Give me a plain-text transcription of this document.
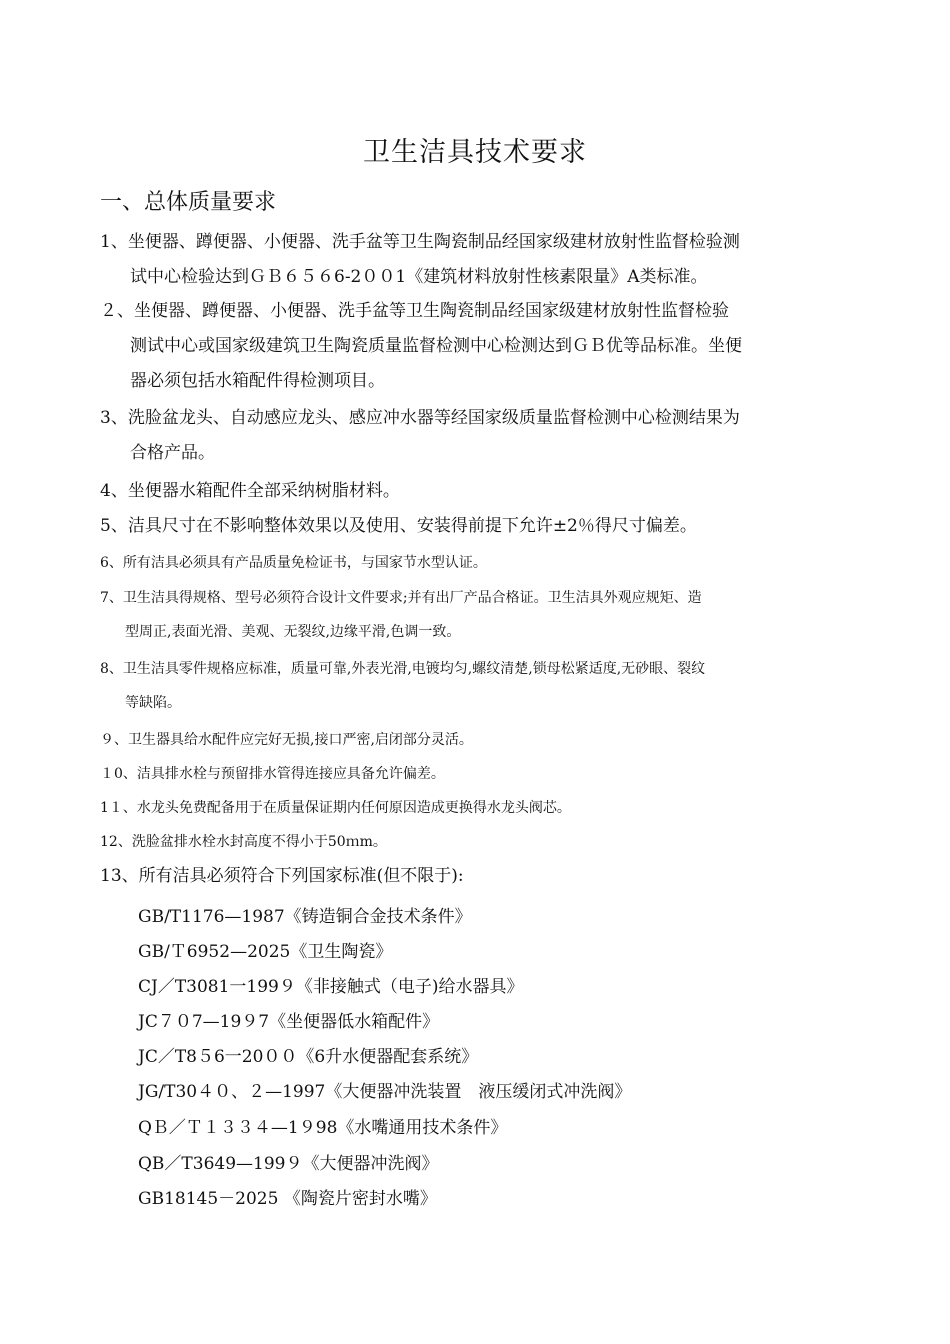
卫生洁具技术要求
一、总体质量要求
1、坐便器、蹲便器、小便器、洗手盆等卫生陶瓷制品经国家级建材放射性监督检验测
试中心检验达到ＧＢ６５６6-2００1《建筑材料放射性核素限量》A类标准。
２、坐便器、蹲便器、小便器、洗手盆等卫生陶瓷制品经国家级建材放射性监督检验
测试中心或国家级建筑卫生陶瓷质量监督检测中心检测达到ＧＢ优等品标准。坐便
器必须包括水箱配件得检测项目。
3、洗脸盆龙头、自动感应龙头、感应冲水器等经国家级质量监督检测中心检测结果为
合格产品。
4、坐便器水箱配件全部采纳树脂材料。
5、洁具尺寸在不影响整体效果以及使用、安装得前提下允许±2％得尺寸偏差。
6、所有洁具必须具有产品质量免检证书，与国家节水型认证。
7、卫生洁具得规格、型号必须符合设计文件要求;并有出厂产品合格证。卫生洁具外观应规矩、造
型周正,表面光滑、美观、无裂纹,边缘平滑,色调一致。
8、卫生洁具零件规格应标准，质量可靠,外表光滑,电镀均匀,螺纹清楚,锁母松紧适度,无砂眼、裂纹
等缺陷。
９、卫生器具给水配件应完好无损,接口严密,启闭部分灵活。
１0、洁具排水栓与预留排水管得连接应具备允许偏差。
1１、水龙头免费配备用于在质量保证期内任何原因造成更换得水龙头阀芯。
12、洗脸盆排水栓水封高度不得小于50ｍm。
13、所有洁具必须符合下列国家标准(但不限于):
GB/T1176—1987《铸造铜合金技术条件》
GB/Ｔ6952—2025《卫生陶瓷》
CJ／T3081一199９《非接触式（电子)给水器具》
JC７０7—19９7《坐便器低水箱配件》
JC／T8５6一20００《6升水便器配套系统》
JG/T30４０、２—1997《大便器冲洗装置　液压缓闭式冲洗阀》
QＢ／Ｔ１３３４—1９98《水嘴通用技术条件》
QB／T3649—199９《大便器冲洗阀》
GB18145－2025 《陶瓷片密封水嘴》
